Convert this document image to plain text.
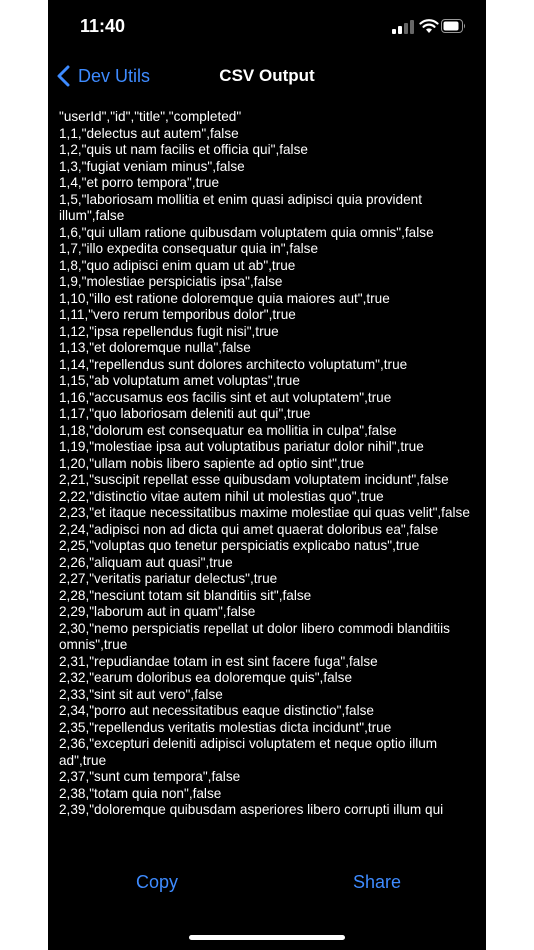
11:40
Dev Utils	CSV Output
"userId","id","title","completed"
1,1,"delectus aut autem",false
1,2,"quis ut nam facilis et officia qui",false
1,3,"fugiat veniam minus",false
1,4,"et porro tempora",true
1,5,"laboriosam mollitia et enim quasi adipisci quia provident illum",false
1,6,"qui ullam ratione quibusdam voluptatem quia omnis",false
1,7,"illo expedita consequatur quia in",false
1,8,"quo adipisci enim quam ut ab",true
1,9,"molestiae perspiciatis ipsa",false
1,10,"illo est ratione doloremque quia maiores aut",true
1,11,"vero rerum temporibus dolor",true
1,12,"ipsa repellendus fugit nisi",true
1,13,"et doloremque nulla",false
1,14,"repellendus sunt dolores architecto voluptatum",true
1,15,"ab voluptatum amet voluptas",true
1,16,"accusamus eos facilis sint et aut voluptatem",true
1,17,"quo laboriosam deleniti aut qui",true
1,18,"dolorum est consequatur ea mollitia in culpa",false
1,19,"molestiae ipsa aut voluptatibus pariatur dolor nihil",true
1,20,"ullam nobis libero sapiente ad optio sint",true
2,21,"suscipit repellat esse quibusdam voluptatem incidunt",false
2,22,"distinctio vitae autem nihil ut molestias quo",true
2,23,"et itaque necessitatibus maxime molestiae qui quas velit",false
2,24,"adipisci non ad dicta qui amet quaerat doloribus ea",false
2,25,"voluptas quo tenetur perspiciatis explicabo natus",true
2,26,"aliquam aut quasi",true
2,27,"veritatis pariatur delectus",true
2,28,"nesciunt totam sit blanditiis sit",false
2,29,"laborum aut in quam",false
2,30,"nemo perspiciatis repellat ut dolor libero commodi blanditiis omnis",true
2,31,"repudiandae totam in est sint facere fuga",false
2,32,"earum doloribus ea doloremque quis",false
2,33,"sint sit aut vero",false
2,34,"porro aut necessitatibus eaque distinctio",false
2,35,"repellendus veritatis molestias dicta incidunt",true
2,36,"excepturi deleniti adipisci voluptatem et neque optio illum ad",true
2,37,"sunt cum tempora",false
2,38,"totam quia non",false
2,39,"doloremque quibusdam asperiores libero corrupti illum qui
Copy	Share
